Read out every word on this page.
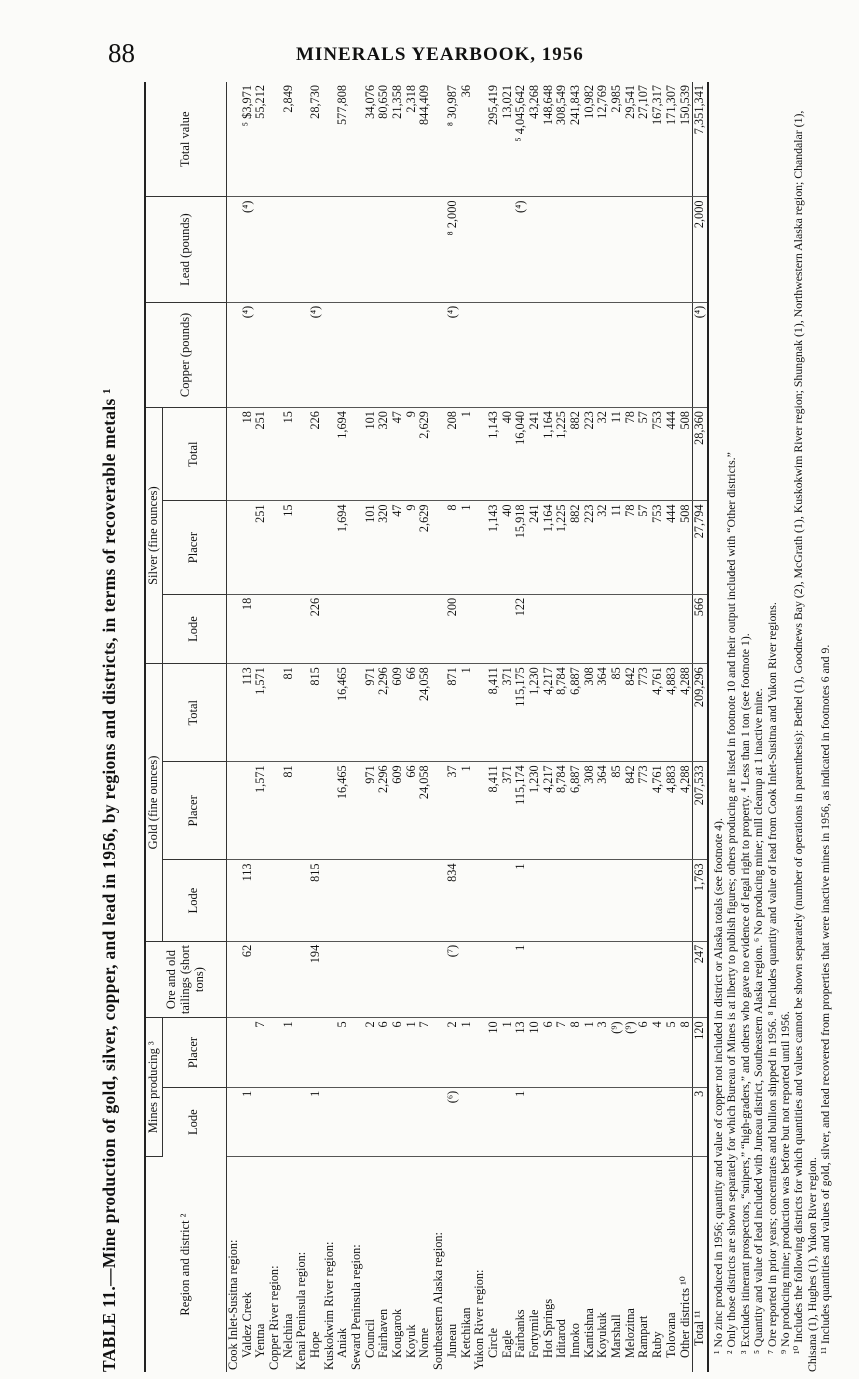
88	MINERALS YEARBOOK, 1956
TABLE 11.—Mine production of gold, silver, copper, and lead in 1956, by regions and districts, in terms of recoverable metals ¹	Region and district ²	Mines producing ³		Ore and old tailings (short tons)	Gold (fine ounces)			Silver (fine ounces)			Copper (pounds)	Lead (pounds)	Total value
	Lode	Placer		Lode	Placer	Total	Lode	Placer	Total			
Cook Inlet-Susitna region:												
Valdez Creek	1		62	113		113	18		18	(⁴)	(⁴)	⁵ $3,971
Yentna		7			1,571	1,571		251	251			55,212
Copper River region:												
Nelchina		1			81	81		15	15			2,849
Kenai Peninsula region:												
Hope	1		194	815		815	226		226	(⁴)		28,730
Kuskokwim River region:												
Aniak		5			16,465	16,465		1,694	1,694			577,808
Seward Peninsula region:												
Council		2			971	971		101	101			34,076
Fairhaven		6			2,296	2,296		320	320			80,650
Kougarok		6			609	609		47	47			21,358
Koyuk		1			66	66		9	9			2,318
Nome		7			24,058	24,058		2,629	2,629			844,409
Southeastern Alaska region:												
Juneau	(⁶)	2	(⁷)	834	37	871	200	8	208	(⁴)	⁸ 2,000	⁸ 30,987
Ketchikan		1			1	1		1	1			36
Yukon River region:												
Circle		10			8,411	8,411		1,143	1,143			295,419
Eagle		1			371	371		40	40			13,021
Fairbanks	1	13	1	1	115,174	115,175	122	15,918	16,040		(⁴)	⁵ 4,045,642
Fortymile		10			1,230	1,230		241	241			43,268
Hot Springs		6			4,217	4,217		1,164	1,164			148,648
Iditarod		7			8,784	8,784		1,225	1,225			308,549
Innoko		8			6,887	6,887		882	882			241,843
Kantishna		1			308	308		223	223			10,982
Koyukuk		3			364	364		32	32			12,769
Marshall		(⁹)			85	85		11	11			2,985
Melozitna		(⁹)			842	842		78	78			29,541
Rampart		6			773	773		57	57			27,107
Ruby		4			4,761	4,761		753	753			167,317
Tolovana		5			4,883	4,883		444	444			171,307
Other districts ¹⁰		8			4,288	4,288		508	508			150,539
Total ¹¹	3	120	247	1,763	207,533	209,296	566	27,794	28,360	(⁴)	2,000	7,351,341

¹ No zinc produced in 1956; quantity and value of copper not included in district or Alaska totals (see footnote 4). ² Only those districts are shown separately for which Bureau of Mines is at liberty to publish figures; others producing are listed in footnote 10 and their output included with “Other districts.” ³ Excludes itinerant prospectors, “snipers,” “high-graders,” and others who gave no evidence of legal right to property. ⁴ Less than 1 ton (see footnote 1). ⁵ Quantity and value of lead included with Juneau district, Southeastern Alaska region. ⁶ No producing mine; mill cleanup at 1 inactive mine. ⁷ Ore reported in prior years; concentrates and bullion shipped in 1956. ⁸ Includes quantity and value of lead from Cook Inlet-Susitna and Yukon River regions. ⁹ No producing mine; production was before but not reported until 1956. ¹⁰ Includes the following districts for which quantities and values cannot be shown separately (number of operations in parenthesis): Bethel (1), Goodnews Bay (2), McGrath (1), Kuskokwim River region; Shungnak (1), Northwestern Alaska region; Chandalar (1), Chisana (1), Hughes (1), Yukon River region. ¹¹ Includes quantities and values of gold, silver, and lead recovered from properties that were inactive mines in 1956, as indicated in footnotes 6 and 9.
